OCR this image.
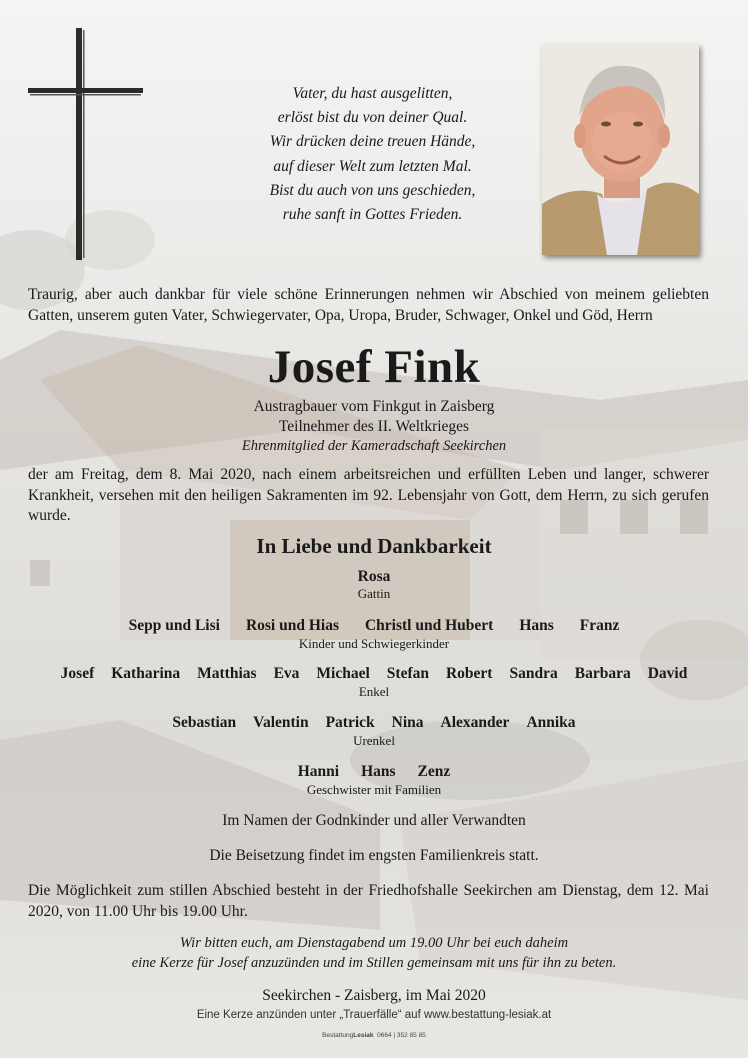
Vater, du hast ausgelitten,
erlöst bist du von deiner Qual.
Wir drücken deine treuen Hände,
auf dieser Welt zum letzten Mal.
Bist du auch von uns geschieden,
ruhe sanft in Gottes Frieden.
Traurig, aber auch dankbar für viele schöne Erinnerungen nehmen wir Abschied von meinem geliebten Gatten, unserem guten Vater, Schwiegervater, Opa, Uropa, Bruder, Schwager, Onkel und Göd, Herrn
Josef Fink
Austragbauer vom Finkgut in Zaisberg
Teilnehmer des II. Weltkrieges
Ehrenmitglied der Kameradschaft Seekirchen
der am Freitag, dem 8. Mai 2020, nach einem arbeitsreichen und erfüllten Leben und langer, schwerer Krankheit, versehen mit den heiligen Sakramenten im 92. Lebensjahr von Gott, dem Herrn, zu sich gerufen wurde.
In Liebe und Dankbarkeit
Rosa
Gattin
Sepp und Lisi Rosi und Hias Christl und Hubert Hans Franz
Kinder und Schwiegerkinder
Josef Katharina Matthias Eva Michael Stefan Robert Sandra Barbara David
Enkel
Sebastian Valentin Patrick Nina Alexander Annika
Urenkel
Hanni Hans Zenz
Geschwister mit Familien
Im Namen der Godnkinder und aller Verwandten
Die Beisetzung findet im engsten Familienkreis statt.
Die Möglichkeit zum stillen Abschied besteht in der Friedhofshalle Seekirchen am Dienstag, dem 12. Mai 2020, von 11.00 Uhr bis 19.00 Uhr.
Wir bitten euch, am Dienstagabend um 19.00 Uhr bei euch daheim
eine Kerze für Josef anzuzünden und im Stillen gemeinsam mit uns für ihn zu beten.
Seekirchen - Zaisberg, im Mai 2020
Eine Kerze anzünden unter „Trauerfälle“ auf www.bestattung-lesiak.at
BestattungLesiak 0664 | 352 85 85
